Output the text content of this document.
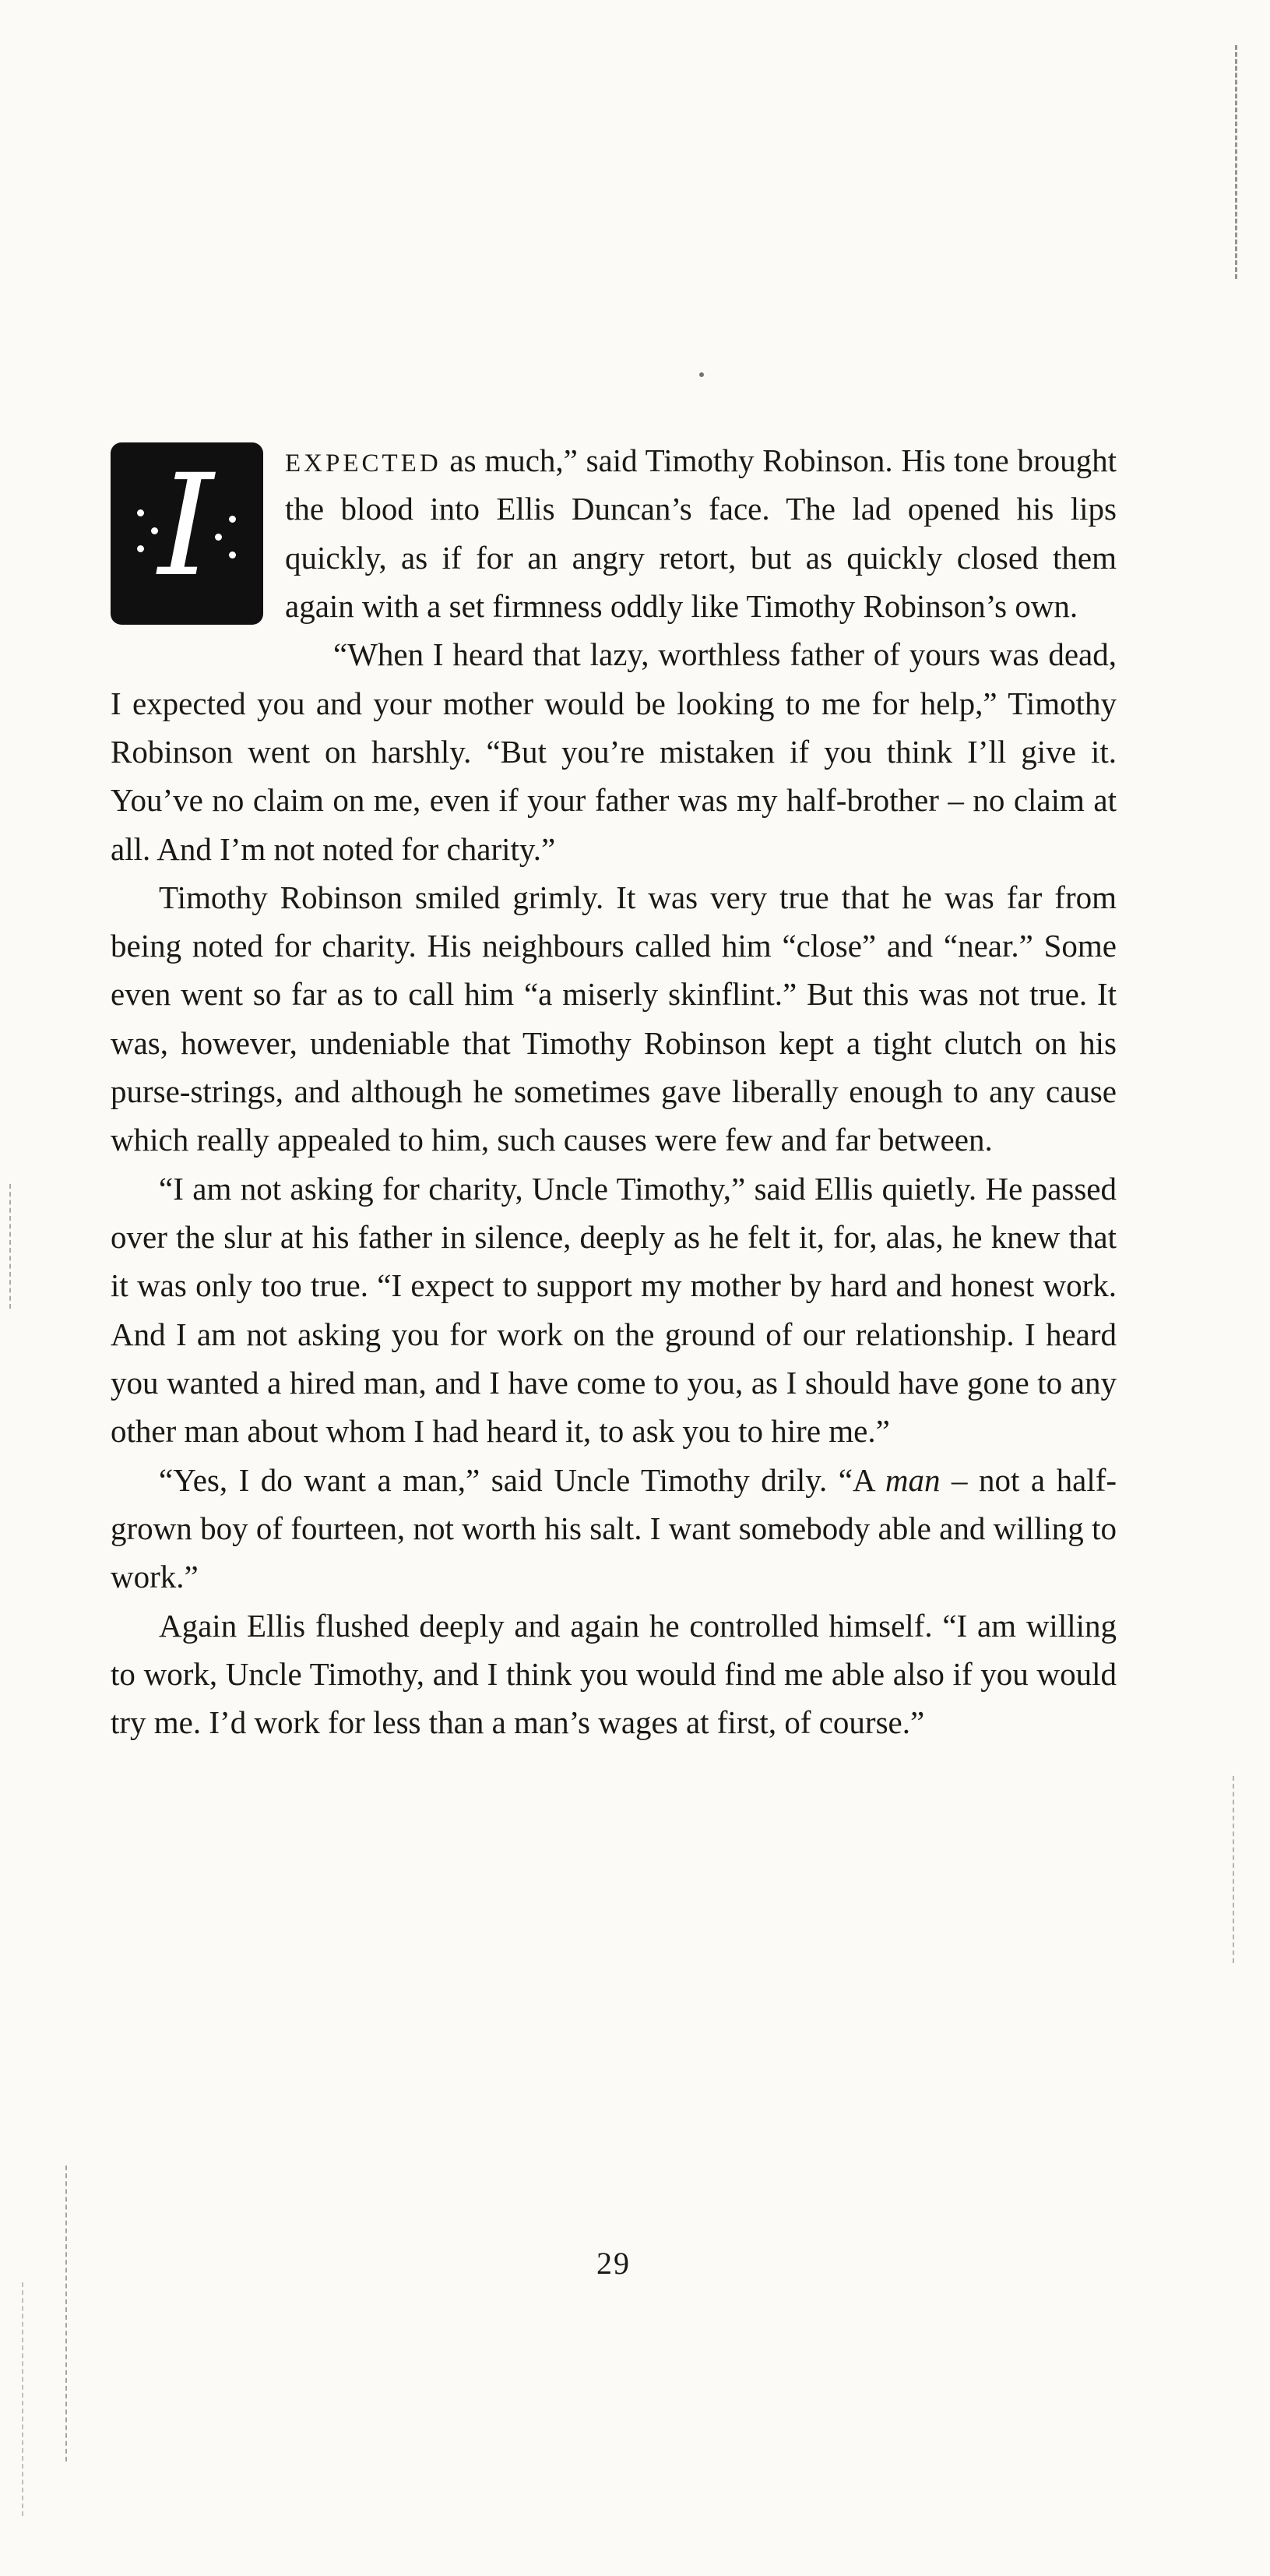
I	EXPECTED as much,” said Timothy Robinson. His tone brought the blood into Ellis Duncan’s face. The lad opened his lips quickly, as if for an angry retort, but as quickly closed them again with a set firmness oddly like Timothy Robinson’s own.

“When I heard that lazy, worthless father of yours was dead, I expected you and your mother would be looking to me for help,” Timothy Robinson went on harshly. “But you’re mistaken if you think I’ll give it. You’ve no claim on me, even if your father was my half-brother – no claim at all. And I’m not noted for charity.”

Timothy Robinson smiled grimly. It was very true that he was far from being noted for charity. His neighbours called him “close” and “near.” Some even went so far as to call him “a miserly skinflint.” But this was not true. It was, however, undeniable that Timothy Robinson kept a tight clutch on his purse-strings, and although he sometimes gave liberally enough to any cause which really appealed to him, such causes were few and far between.

“I am not asking for charity, Uncle Timothy,” said Ellis quietly. He passed over the slur at his father in silence, deeply as he felt it, for, alas, he knew that it was only too true. “I expect to support my mother by hard and honest work. And I am not asking you for work on the ground of our relationship. I heard you wanted a hired man, and I have come to you, as I should have gone to any other man about whom I had heard it, to ask you to hire me.”

“Yes, I do want a man,” said Uncle Timothy drily. “A man – not a half-grown boy of fourteen, not worth his salt. I want somebody able and willing to work.”

Again Ellis flushed deeply and again he controlled himself. “I am willing to work, Uncle Timothy, and I think you would find me able also if you would try me. I’d work for less than a man’s wages at first, of course.”

29
